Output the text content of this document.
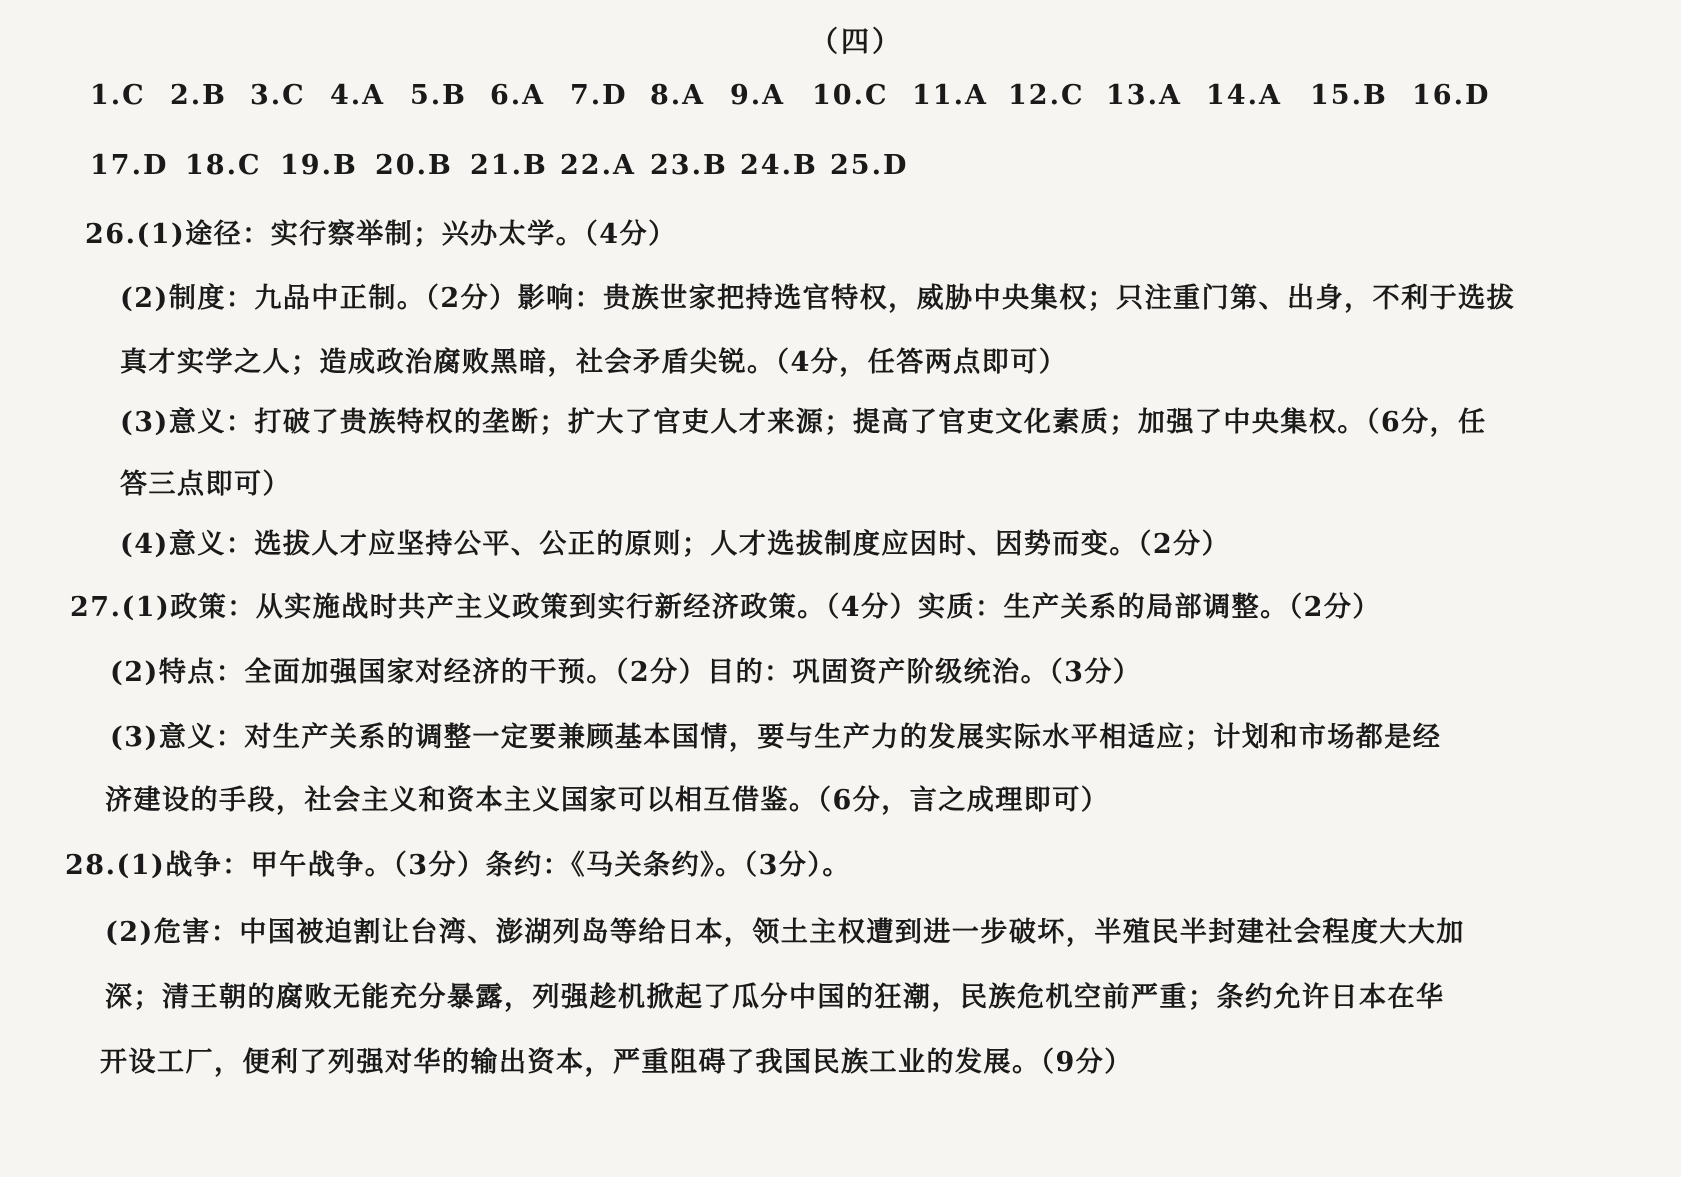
（四）
1.C 2.B 3.C 4.A 5.B 6.A 7.D 8.A 9.A 10.C 11.A 12.C 13.A 14.A 15.B 16.D
17.D 18.C 19.B 20.B 21.B 22.A 23.B 24.B 25.D
26.(1)途径：实行察举制；兴办太学。（4分）
(2)制度：九品中正制。（2分）影响：贵族世家把持选官特权，威胁中央集权；只注重门第、出身，不利于选拔
真才实学之人；造成政治腐败黑暗，社会矛盾尖锐。（4分，任答两点即可）
(3)意义：打破了贵族特权的垄断；扩大了官吏人才来源；提高了官吏文化素质；加强了中央集权。（6分，任
答三点即可）
(4)意义：选拔人才应坚持公平、公正的原则；人才选拔制度应因时、因势而变。（2分）
27.(1)政策：从实施战时共产主义政策到实行新经济政策。（4分）实质：生产关系的局部调整。（2分）
(2)特点：全面加强国家对经济的干预。（2分）目的：巩固资产阶级统治。（3分）
(3)意义：对生产关系的调整一定要兼顾基本国情，要与生产力的发展实际水平相适应；计划和市场都是经
济建设的手段，社会主义和资本主义国家可以相互借鉴。（6分，言之成理即可）
28.(1)战争：甲午战争。（3分）条约：《马关条约》。（3分）。
(2)危害：中国被迫割让台湾、澎湖列岛等给日本，领土主权遭到进一步破坏，半殖民半封建社会程度大大加
深；清王朝的腐败无能充分暴露，列强趁机掀起了瓜分中国的狂潮，民族危机空前严重；条约允许日本在华
开设工厂，便利了列强对华的输出资本，严重阻碍了我国民族工业的发展。（9分）
